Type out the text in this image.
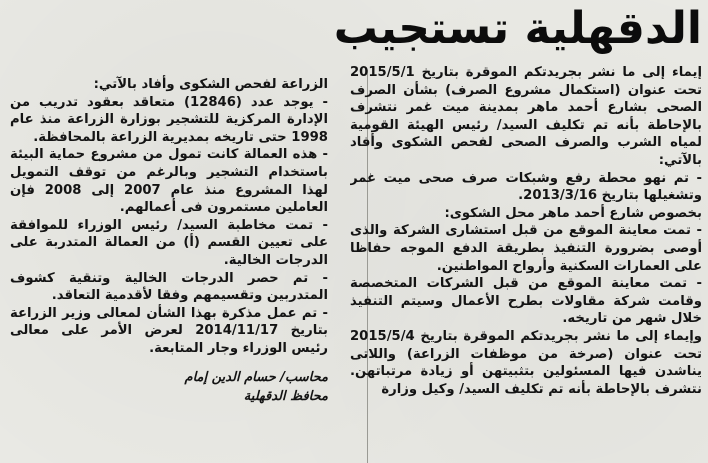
الدقهلية تستجيب

إيماء إلى ما نشر بجريدتكم الموقرة بتاريخ 2015/5/1 تحت عنوان (استكمال مشروع الصرف) بشأن الصرف الصحى بشارع أحمد ماهر بمدينة ميت غمر نتشرف بالإحاطة بأنه تم تكليف السيد/ رئيس الهيئة القومية لمياه الشرب والصرف الصحى لفحص الشكوى وأفاد بالآتي:

- تم نهو محطة رفع وشبكات صرف صحى ميت غمر وتشغيلها بتاريخ 2013/3/16.

بخصوص شارع أحمد ماهر محل الشكوى:

- تمت معاينة الموقع من قبل استشارى الشركة والذى أوصى بضرورة التنفيذ بطريقة الدفع الموجه حفاظا على العمارات السكنية وأرواح المواطنين.

- تمت معاينة الموقع من قبل الشركات المتخصصة وقامت شركة مقاولات بطرح الأعمال وسيتم التنفيذ خلال شهر من تاريخه.

وإيماء إلى ما نشر بجريدتكم الموقرة بتاريخ 2015/5/4 تحت عنوان (صرخة من موظفات الزراعة) واللاتى يناشدن فيها المسئولين بتثبيتهن أو زيادة مرتباتهن. نتشرف بالإحاطة بأنه تم تكليف السيد/ وكيل وزارة

الزراعة لفحص الشكوى وأفاد بالآتي:

- يوجد عدد (12846) متعاقد بعقود تدريب من الإدارة المركزية للتشجير بوزارة الزراعة منذ عام 1998 حتى تاريخه بمديرية الزراعة بالمحافظة.

- هذه العمالة كانت تمول من مشروع حماية البيئة باستخدام التشجير وبالرغم من توقف التمويل لهذا المشروع منذ عام 2007 إلى 2008 فإن العاملين مستمرون فى أعمالهم.

- تمت مخاطبة السيد/ رئيس الوزراء للموافقة على تعيين القسم (أ) من العمالة المتدربة على الدرجات الخالية.

- تم حصر الدرجات الخالية وتنقية كشوف المتدربين وتقسيمهم وفقا لأقدمية التعاقد.

- تم عمل مذكرة بهذا الشأن لمعالى وزير الزراعة بتاريخ 2014/11/17 لعرض الأمر على معالى رئيس الوزراء وجار المتابعة.

محاسب/ حسام الدين إمام
محافظ الدقهلية
